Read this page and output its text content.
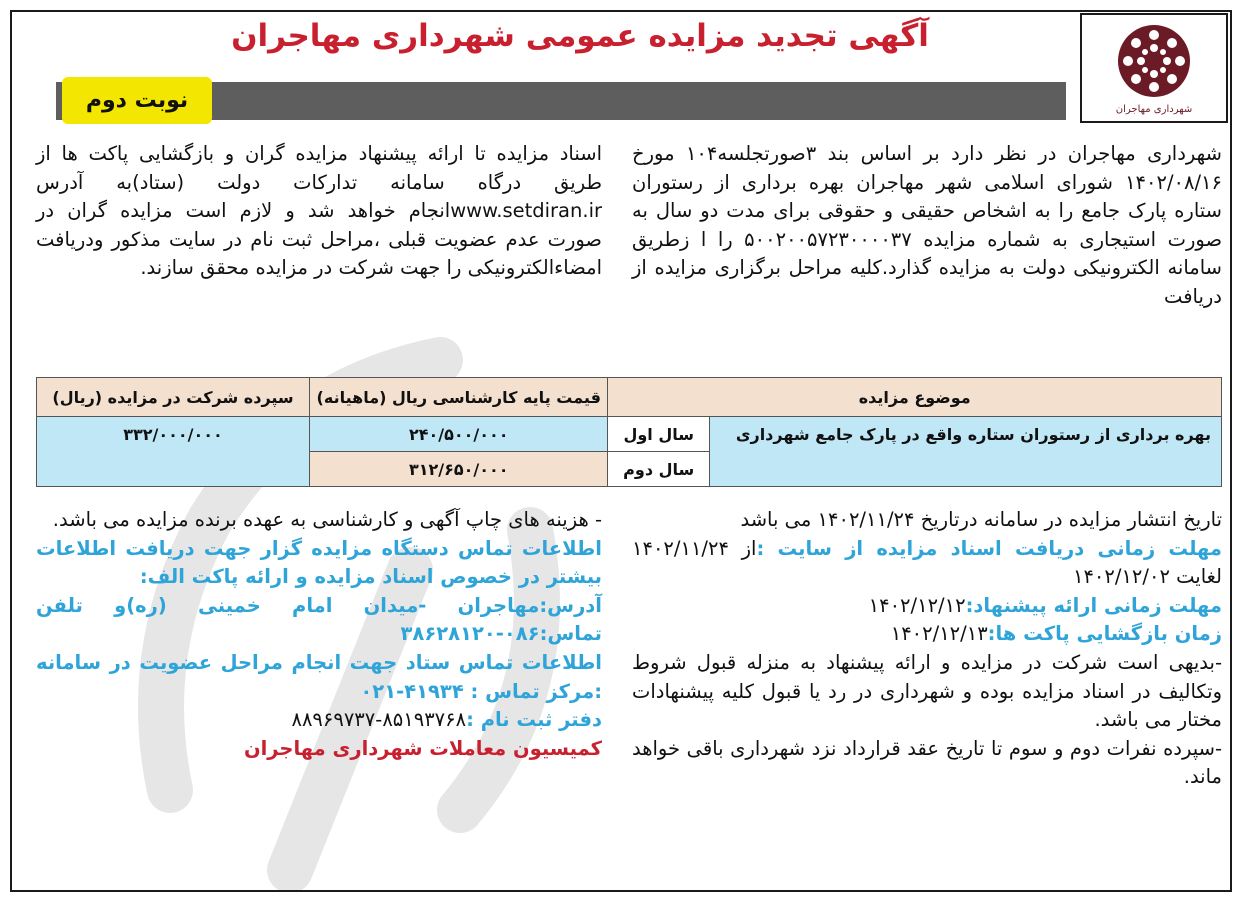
شهرداری مهاجران
آگهی تجدید مزایده عمومی شهرداری مهاجران
نوبت دوم

شهرداری مهاجران در نظر دارد بر اساس بند ۳صورتجلسه۱۰۴ مورخ ۱۴۰۲/۰۸/۱۶ شورای اسلامی شهر مهاجران بهره برداری از رستوران ستاره پارک جامع را به اشخاص حقیقی و حقوقی برای مدت دو سال به صورت استیجاری به شماره مزایده ۵۰۰۲۰۰۵۷۲۳۰۰۰۰۳۷ را ا زطریق سامانه الکترونیکی دولت به مزایده گذارد.کلیه مراحل برگزاری مزایده از دریافت

اسناد مزایده تا ارائه پیشنهاد مزایده گران و بازگشایی پاکت ها از طریق درگاه سامانه تدارکات دولت (ستاد)به آدرس www.setdiran.irانجام خواهد شد و لازم است مزایده گران در صورت عدم عضویت قبلی ،مراحل ثبت نام در سایت مذکور ودریافت امضاءالکترونیکی را جهت شرکت در مزایده محقق سازند.

موضوع مزایده		قیمت پایه کارشناسی ریال (ماهیانه)	سپرده شرکت در مزایده (ریال)
بهره برداری از رستوران ستاره واقع در پارک جامع شهرداری	سال اول	۲۴۰/۵۰۰/۰۰۰	۳۳۲/۰۰۰/۰۰۰
	سال دوم	۳۱۲/۶۵۰/۰۰۰	

تاریخ انتشار مزایده در سامانه درتاریخ ۱۴۰۲/۱۱/۲۴ می باشد

مهلت زمانی دریافت اسناد مزایده از سایت :از ۱۴۰۲/۱۱/۲۴ لغایت ۱۴۰۲/۱۲/۰۲

مهلت زمانی ارائه پیشنهاد:۱۴۰۲/۱۲/۱۲

زمان بازگشایی پاکت ها:۱۴۰۲/۱۲/۱۳

-بدیهی است شرکت در مزایده و ارائه پیشنهاد به منزله قبول شروط وتکالیف در اسناد مزایده بوده و شهرداری در رد یا قبول کلیه پیشنهادات مختار می باشد.

-سپرده نفرات دوم و سوم تا تاریخ عقد قرارداد نزد شهرداری باقی خواهد ماند.

- هزینه های چاپ آگهی و کارشناسی به عهده برنده مزایده می باشد.

اطلاعات تماس دستگاه مزایده گزار جهت دریافت اطلاعات بیشتر در خصوص اسناد مزایده و ارائه پاکت الف:

آدرس:مهاجران -میدان امام خمینی (ره)و تلفن تماس:۰۸۶-۳۸۶۲۸۱۲۰

اطلاعات تماس ستاد جهت انجام مراحل عضویت در سامانه :مرکز تماس : ۴۱۹۳۴-۰۲۱

دفتر ثبت نام :۸۵۱۹۳۷۶۸-۸۸۹۶۹۷۳۷

کمیسیون معاملات شهرداری مهاجران
